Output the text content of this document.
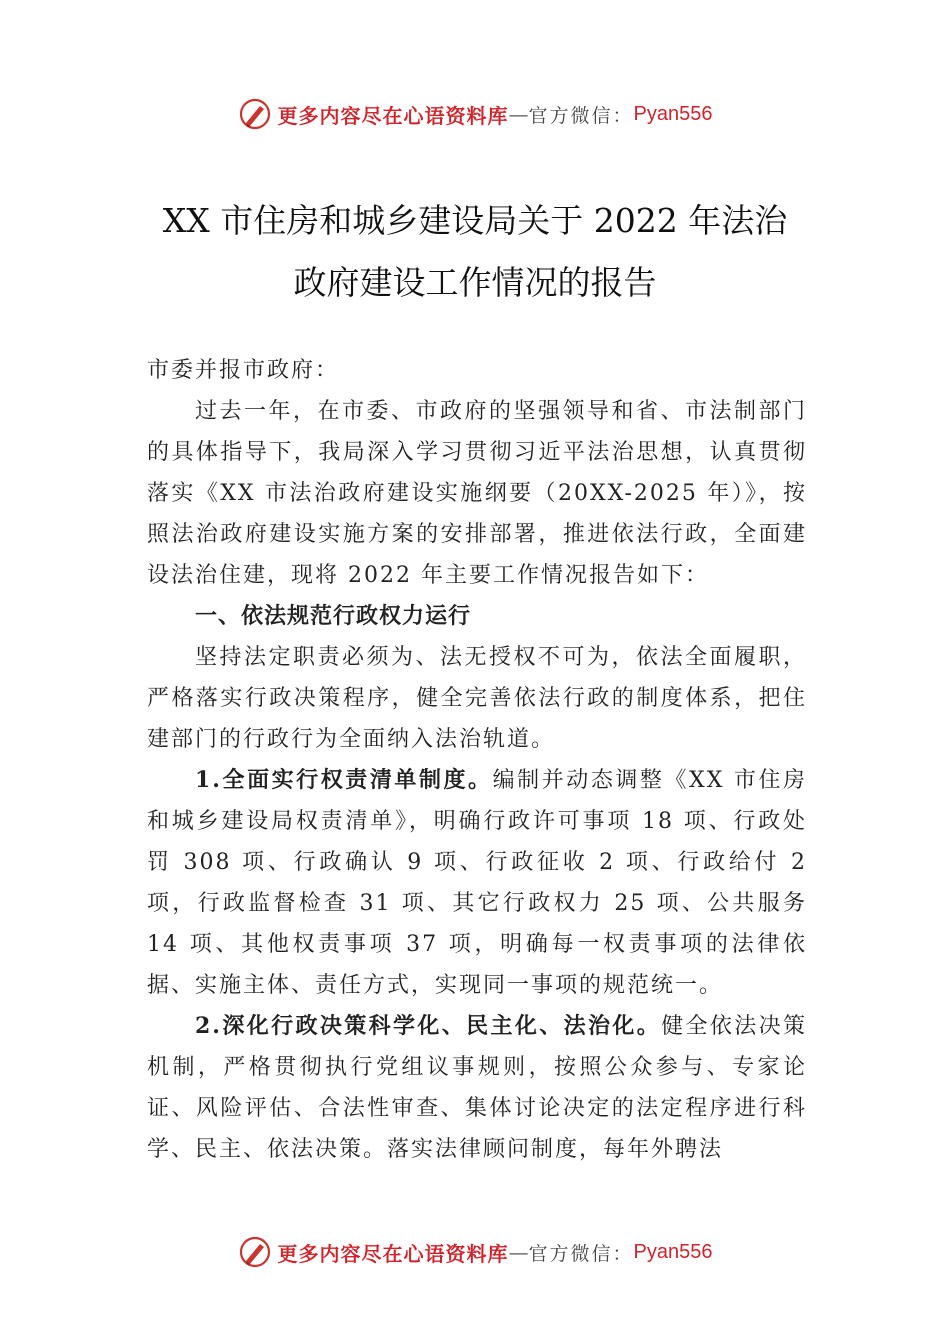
更多内容尽在心语资料库 — 官方微信： Pyan556
XX 市住房和城乡建设局关于 2022 年法治
政府建设工作情况的报告

市委并报市政府：

过去一年，在市委、市政府的坚强领导和省、市法制部门的具体指导下，我局深入学习贯彻习近平法治思想，认真贯彻落实《XX 市法治政府建设实施纲要（20XX-2025 年）》，按照法治政府建设实施方案的安排部署，推进依法行政，全面建设法治住建，现将 2022 年主要工作情况报告如下：

一、依法规范行政权力运行

坚持法定职责必须为、法无授权不可为，依法全面履职，严格落实行政决策程序，健全完善依法行政的制度体系，把住建部门的行政行为全面纳入法治轨道。

1.全面实行权责清单制度。编制并动态调整《XX 市住房和城乡建设局权责清单》，明确行政许可事项 18 项、行政处罚 308 项、行政确认 9 项、行政征收 2 项、行政给付 2 项，行政监督检查 31 项、其它行政权力 25 项、公共服务 14 项、其他权责事项 37 项，明确每一权责事项的法律依据、实施主体、责任方式，实现同一事项的规范统一。

2.深化行政决策科学化、民主化、法治化。健全依法决策机制，严格贯彻执行党组议事规则，按照公众参与、专家论证、风险评估、合法性审查、集体讨论决定的法定程序进行科学、民主、依法决策。落实法律顾问制度，每年外聘法

更多内容尽在心语资料库 — 官方微信： Pyan556
